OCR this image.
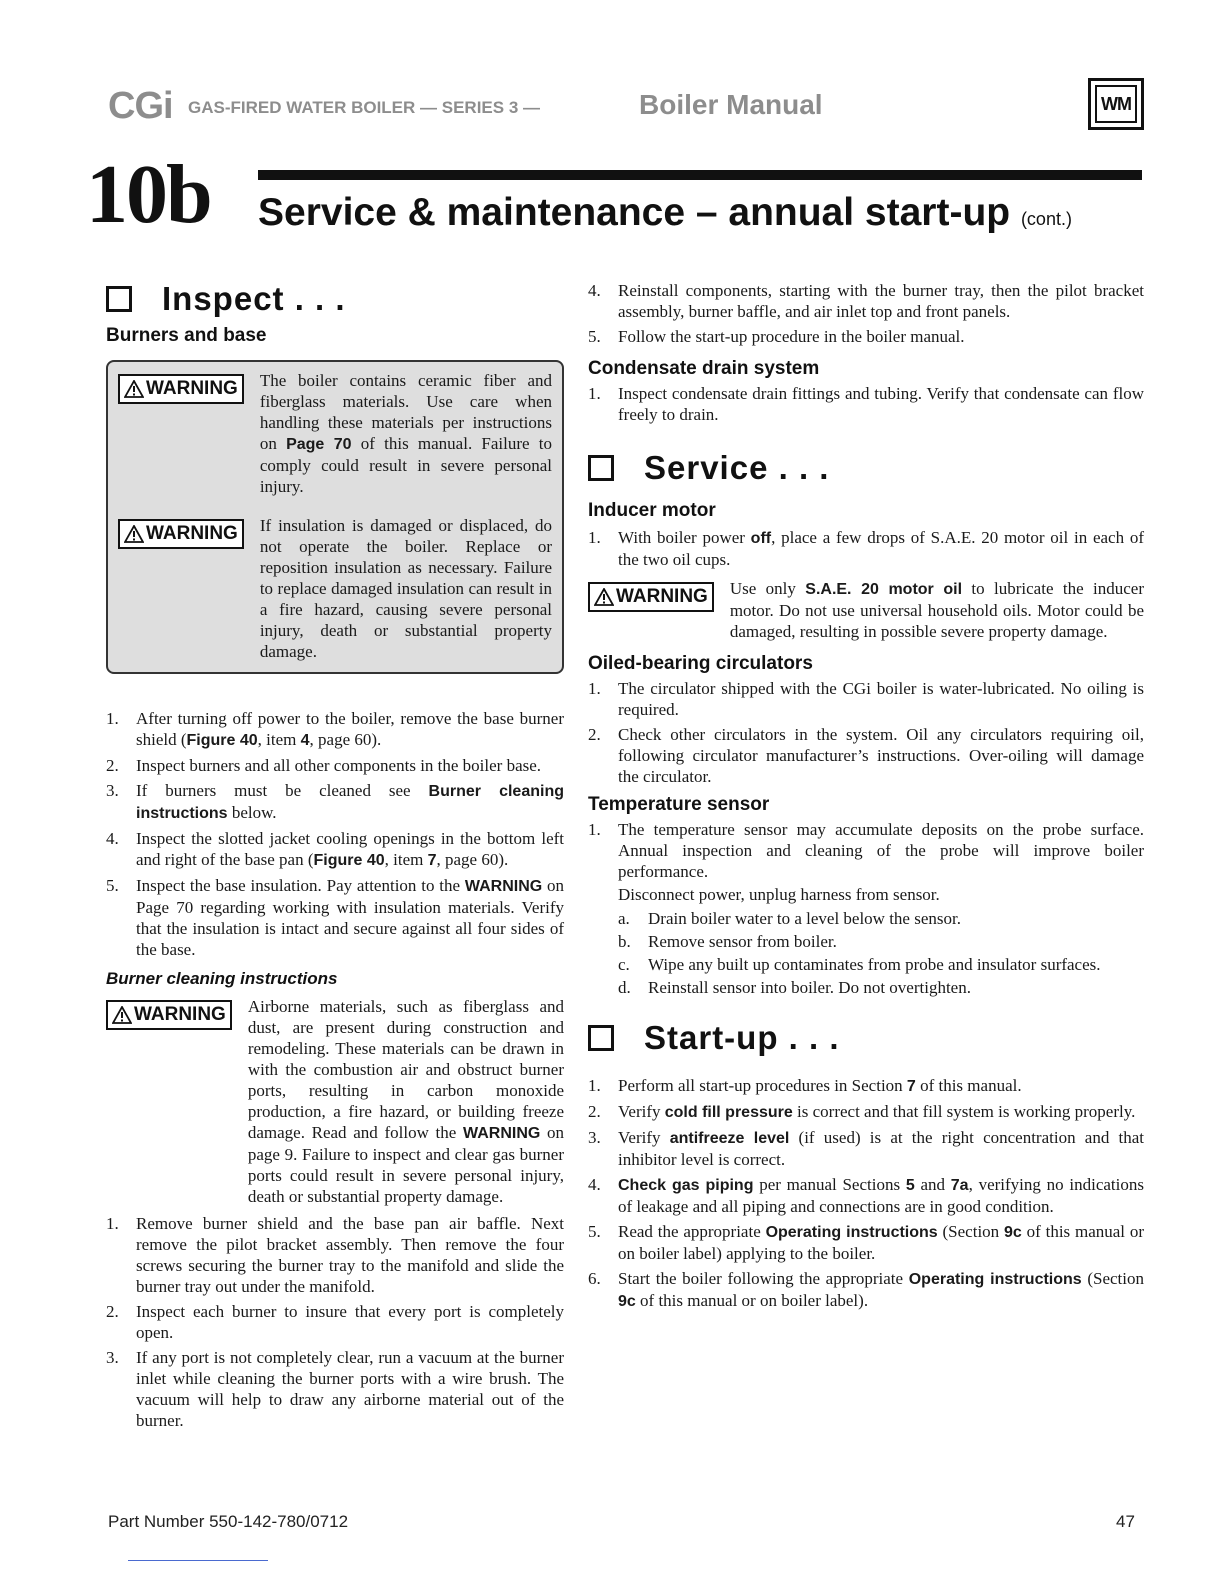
CGi GAS-FIRED WATER BOILER — SERIES 3 —	Boiler Manual	WM
10b Service & maintenance – annual start-up (cont.)
Inspect . . .
Burners and base
WARNING The boiler contains ceramic fiber and fiberglass materials. Use care when handling these materials per instructions on Page 70 of this manual. Failure to comply could result in severe personal injury.
WARNING If insulation is damaged or displaced, do not operate the boiler. Replace or reposition insulation as necessary. Failure to replace damaged insulation can result in a fire hazard, causing severe personal injury, death or substantial property damage.
1. After turning off power to the boiler, remove the base burner shield (Figure 40, item 4, page 60).
2. Inspect burners and all other components in the boiler base.
3. If burners must be cleaned see Burner cleaning instructions below.
4. Inspect the slotted jacket cooling openings in the bottom left and right of the base pan (Figure 40, item 7, page 60).
5. Inspect the base insulation. Pay attention to the WARNING on Page 70 regarding working with insulation materials. Verify that the insulation is intact and secure against all four sides of the base.
Burner cleaning instructions
WARNING Airborne materials, such as fiberglass and dust, are present during construction and remodeling. These materials can be drawn in with the combustion air and obstruct burner ports, resulting in carbon monoxide production, a fire hazard, or building freeze damage. Read and follow the WARNING on page 9. Failure to inspect and clear gas burner ports could result in severe personal injury, death or substantial property damage.
1. Remove burner shield and the base pan air baffle. Next remove the pilot bracket assembly. Then remove the four screws securing the burner tray to the manifold and slide the burner tray out under the manifold.
2. Inspect each burner to insure that every port is completely open.
3. If any port is not completely clear, run a vacuum at the burner inlet while cleaning the burner ports with a wire brush. The vacuum will help to draw any airborne material out of the burner.
4. Reinstall components, starting with the burner tray, then the pilot bracket assembly, burner baffle, and air inlet top and front panels.
5. Follow the start-up procedure in the boiler manual.
Condensate drain system
1. Inspect condensate drain fittings and tubing. Verify that condensate can flow freely to drain.
Service . . .
Inducer motor
1. With boiler power off, place a few drops of S.A.E. 20 motor oil in each of the two oil cups.
WARNING Use only S.A.E. 20 motor oil to lubricate the inducer motor. Do not use universal household oils. Motor could be damaged, resulting in possible severe property damage.
Oiled-bearing circulators
1. The circulator shipped with the CGi boiler is water-lubricated. No oiling is required.
2. Check other circulators in the system. Oil any circulators requiring oil, following circulator manufacturer’s instructions. Over-oiling will damage the circulator.
Temperature sensor
1. The temperature sensor may accumulate deposits on the probe surface. Annual inspection and cleaning of the probe will improve boiler performance.
Disconnect power, unplug harness from sensor.
a. Drain boiler water to a level below the sensor.
b. Remove sensor from boiler.
c. Wipe any built up contaminates from probe and insulator surfaces.
d. Reinstall sensor into boiler. Do not overtighten.
Start-up . . .
1. Perform all start-up procedures in Section 7 of this manual.
2. Verify cold fill pressure is correct and that fill system is working properly.
3. Verify antifreeze level (if used) is at the right concentration and that inhibitor level is correct.
4. Check gas piping per manual Sections 5 and 7a, verifying no indications of leakage and all piping and connections are in good condition.
5. Read the appropriate Operating instructions (Section 9c of this manual or on boiler label) applying to the boiler.
6. Start the boiler following the appropriate Operating instructions (Section 9c of this manual or on boiler label).
Part Number 550-142-780/0712	47
